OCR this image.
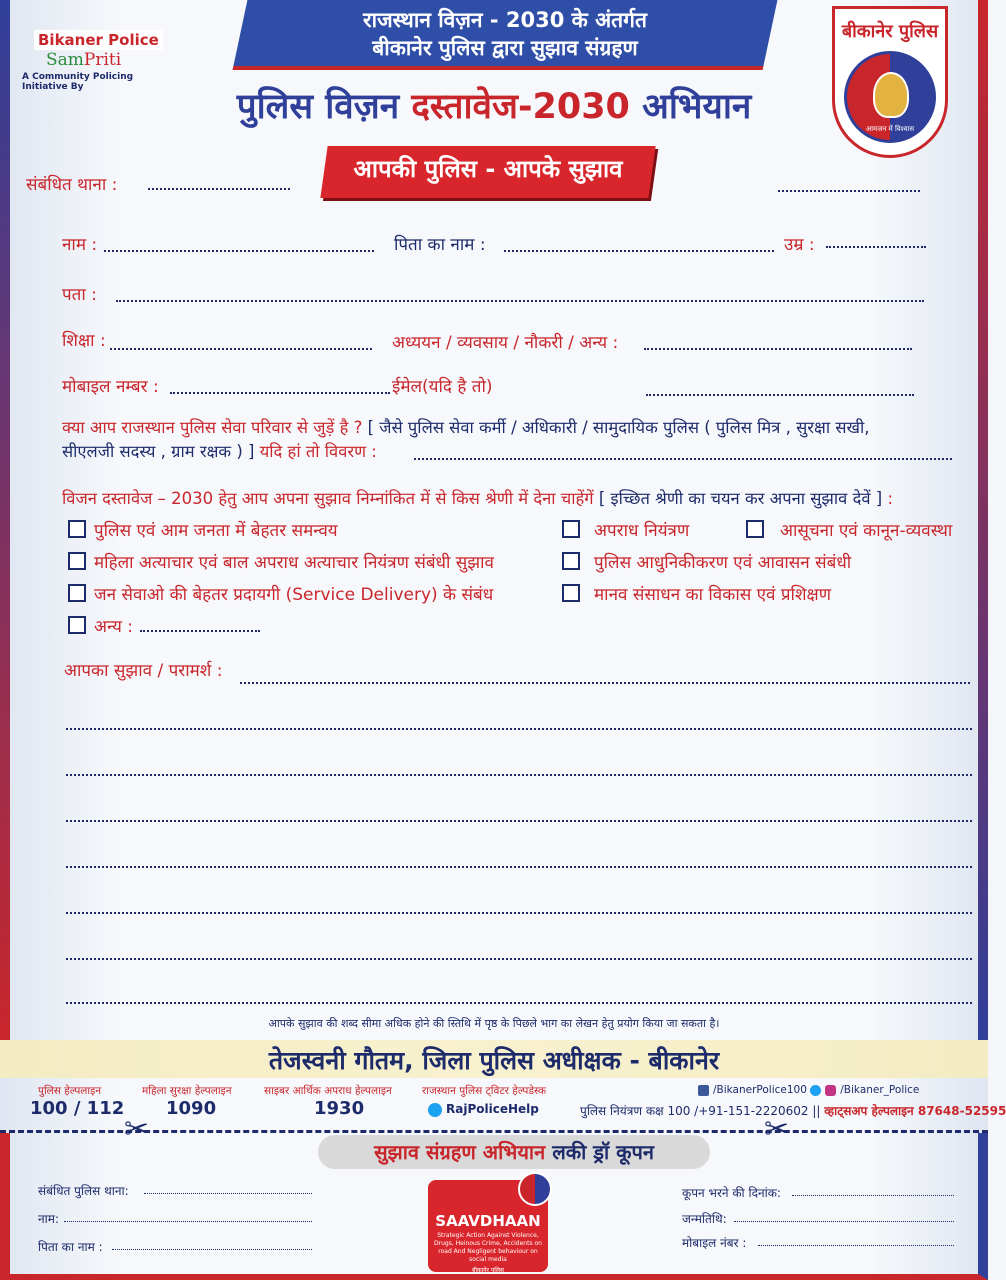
राजस्थान विज़न - 2030 के अंतर्गत
बीकानेर पुलिस द्वारा सुझाव संग्रहण
Bikaner Police
SamPriti
A Community Policing Initiative By
बीकानेर पुलिस
आमजन में विश्वास
पुलिस विज़न दस्तावेज-2030 अभियान
आपकी पुलिस - आपके सुझाव
संबंधित थाना :
नाम :	पिता का नाम :	उम्र :
पता :
शिक्षा :	अध्ययन / व्यवसाय / नौकरी / अन्य :
मोबाइल नम्बर :	ईमेल(यदि है तो)
क्या आप राजस्थान पुलिस सेवा परिवार से जुड़ें है ? [ जैसे पुलिस सेवा कर्मी / अधिकारी / सामुदायिक पुलिस ( पुलिस मित्र , सुरक्षा सखी,
सीएलजी सदस्य , ग्राम रक्षक ) ] यदि हां तो विवरण :
विजन दस्तावेज – 2030 हेतु आप अपना सुझाव निम्नांकित में से किस श्रेणी में देना चाहेंगें [ इच्छित श्रेणी का चयन कर अपना सुझाव देवें ] :
पुलिस एवं आम जनता में बेहतर समन्वय	अपराध नियंत्रण	आसूचना एवं कानून-व्यवस्था
महिला अत्याचार एवं बाल अपराध अत्याचार नियंत्रण संबंधी सुझाव	पुलिस आधुनिकीकरण एवं आवासन संबंधी
जन सेवाओ की बेहतर प्रदायगी (Service Delivery) के संबंध	मानव संसाधन का विकास एवं प्रशिक्षण
अन्य :
आपका सुझाव / परामर्श :
आपके सुझाव की शब्द सीमा अधिक होने की स्तिथि में पृष्ठ के पिछले भाग का लेखन हेतु प्रयोग किया जा सकता है।
तेजस्वनी गौतम, जिला पुलिस अधीक्षक - बीकानेर
पुलिस हेल्पलाइन
100 / 112
महिला सुरक्षा हेल्पलाइन
1090
साइबर आर्थिक अपराध हेल्पलाइन
1930
राजस्थान पुलिस ट्विटर हेल्पडेस्क
RajPoliceHelp
/BikanerPolice100	/Bikaner_Police
पुलिस नियंत्रण कक्ष 100 /+91-151-2220602 || व्हाट्सअप हेल्पलाइन 87648-52595
✂	✂
सुझाव संग्रहण अभियान लकी ड्रॉ कूपन
संबंधित पुलिस थाना:
नाम:
पिता का नाम :
कूपन भरने की दिनांक:
जन्मतिथि:
मोबाइल नंबर :
SAAVDHAAN
Strategic Action Against Violence, Drugs, Heinous Crime, Accidents on road And Negligent behaviour on social media
बीकानेर पुलिस
